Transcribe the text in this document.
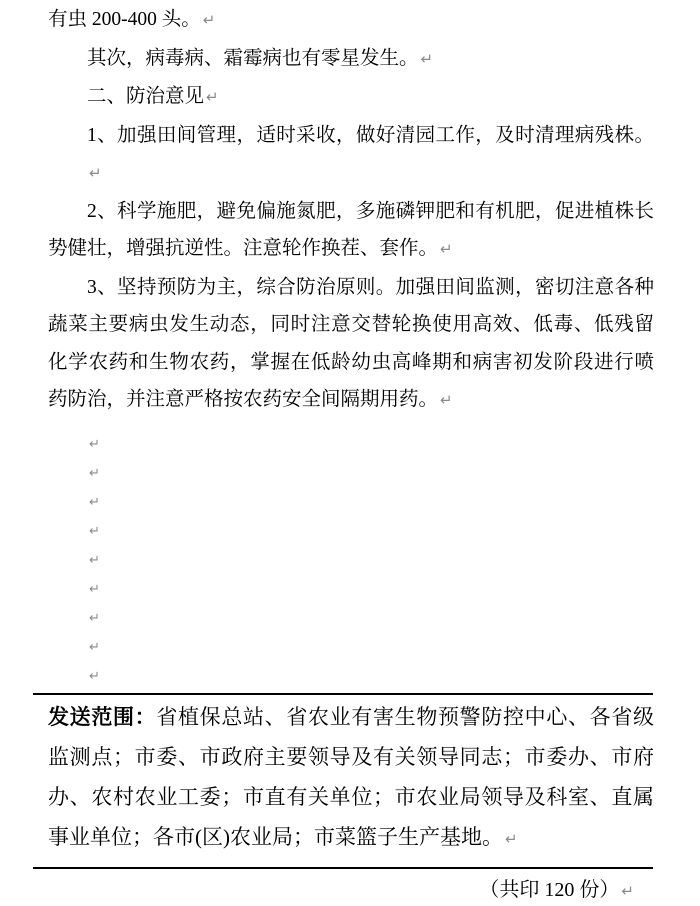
有虫 200-400 头。 ↵
其次，病毒病、霜霉病也有零星发生。 ↵
二、防治意见 ↵
1、加强田间管理，适时采收，做好清园工作，及时清理病残株。↵
2、科学施肥，避免偏施氮肥，多施磷钾肥和有机肥，促进植株长
势健壮，增强抗逆性。注意轮作换茬、套作。 ↵
3、坚持预防为主，综合防治原则。加强田间监测，密切注意各种
蔬菜主要病虫发生动态，同时注意交替轮换使用高效、低毒、低残留
化学农药和生物农药，掌握在低龄幼虫高峰期和病害初发阶段进行喷
药防治，并注意严格按农药安全间隔期用药。 ↵
↵
↵
↵
↵
↵
↵
↵
↵
↵
发送范围：省植保总站、省农业有害生物预警防控中心、各省级
监测点；市委、市政府主要领导及有关领导同志；市委办、市府
办、农村农业工委；市直有关单位；市农业局领导及科室、直属
事业单位；各市(区)农业局；市菜篮子生产基地。 ↵
（共印 120 份） ↵
